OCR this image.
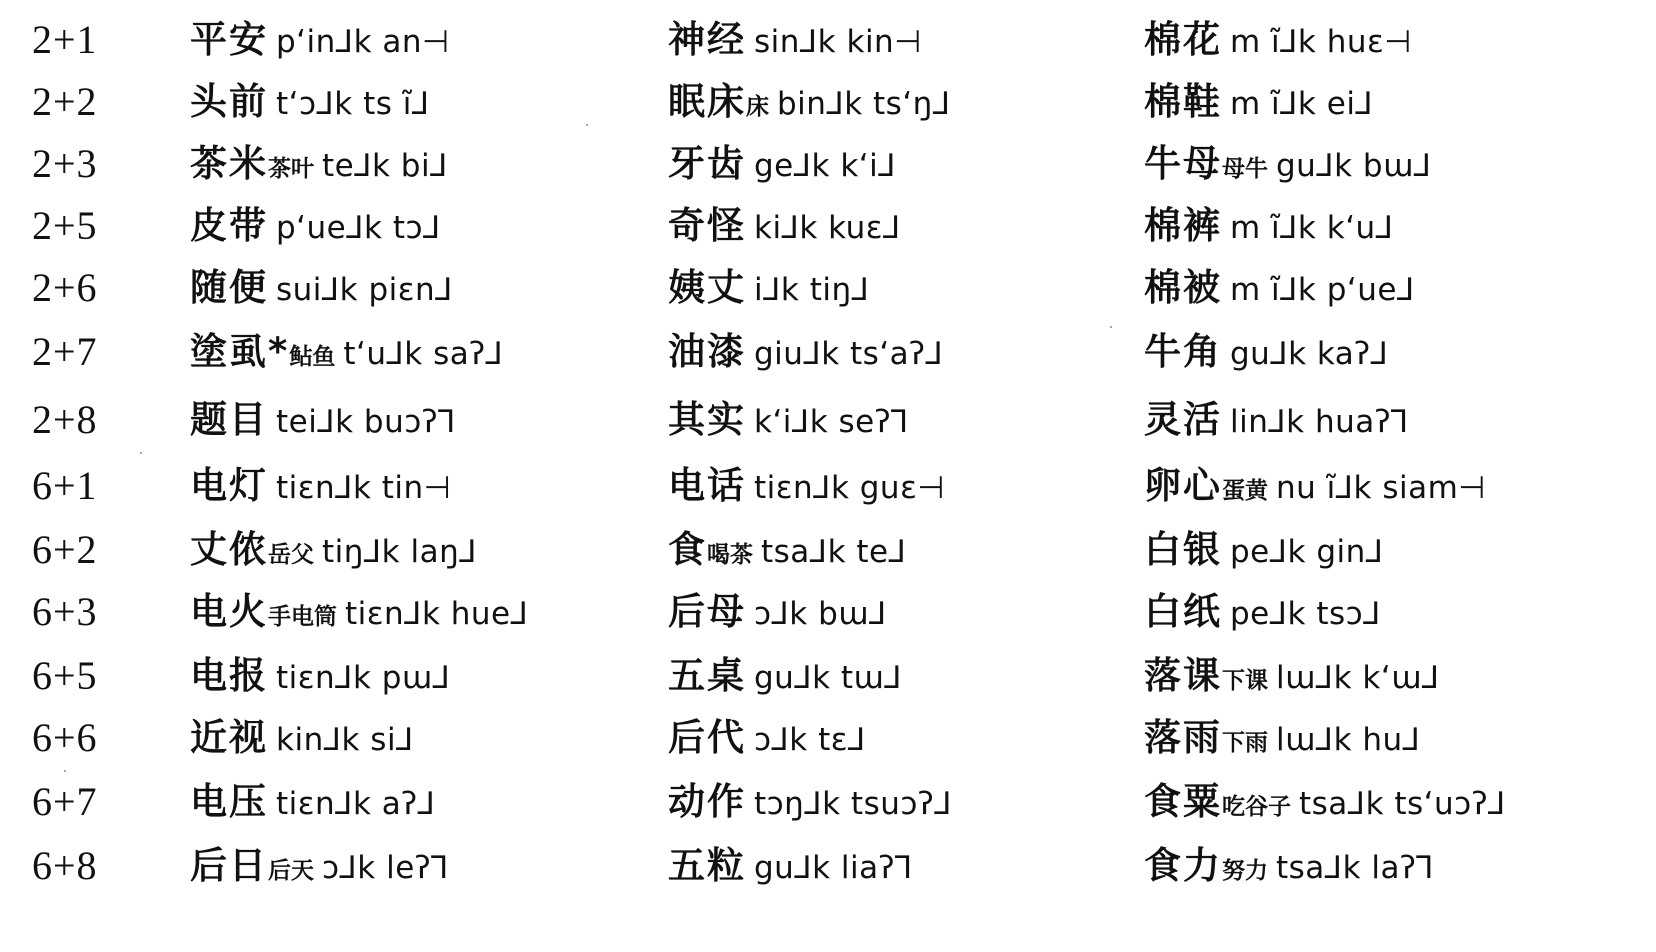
2+1	平安 pʻin⅃k an⊣	神经 sin⅃k kin⊣	棉花 m ĩ⅃k huɛ⊣
2+2	头前 tʻɔ⅃k ts ĩ⅃	眠床床 bin⅃k tsʻŋ⅃	棉鞋 m ĩ⅃k ei⅃
2+3	茶米茶叶 te⅃k bi⅃	牙齿 ge⅃k kʻi⅃	牛母母牛 gu⅃k bɯ⅃
2+5	皮带 pʻue⅃k tɔ⅃	奇怪 ki⅃k kuɛ⅃	棉裤 m ĩ⅃k kʻu⅃
2+6	随便 sui⅃k piɛn⅃	姨丈 i⅃k tiŋ⅃	棉被 m ĩ⅃k pʻue⅃
2+7	塗虱*鲇鱼 tʻu⅃k saʔ⅃	油漆 giu⅃k tsʻaʔ⅃	牛角 gu⅃k kaʔ⅃
2+8	题目 tei⅃k buɔʔ⅂	其实 kʻi⅃k seʔ⅂	灵活 lin⅃k huaʔ⅂
6+1	电灯 tiɛn⅃k tin⊣	电话 tiɛn⅃k guɛ⊣	卵心蛋黄 nu ĩ⅃k siam⊣
6+2	丈侬岳父 tiŋ⅃k laŋ⅃	食喝茶 tsa⅃k te⅃	白银 pe⅃k gin⅃
6+3	电火手电筒 tiɛn⅃k hue⅃	后母 ɔ⅃k bɯ⅃	白纸 pe⅃k tsɔ⅃
6+5	电报 tiɛn⅃k pɯ⅃	五桌 gu⅃k tɯ⅃	落课下课 lɯ⅃k kʻɯ⅃
6+6	近视 kin⅃k si⅃	后代 ɔ⅃k tɛ⅃	落雨下雨 lɯ⅃k hu⅃
6+7	电压 tiɛn⅃k aʔ⅃	动作 tɔŋ⅃k tsuɔʔ⅃	食粟吃谷子 tsa⅃k tsʻuɔʔ⅃
6+8	后日后天 ɔ⅃k leʔ⅂	五粒 gu⅃k liaʔ⅂	食力努力 tsa⅃k laʔ⅂
